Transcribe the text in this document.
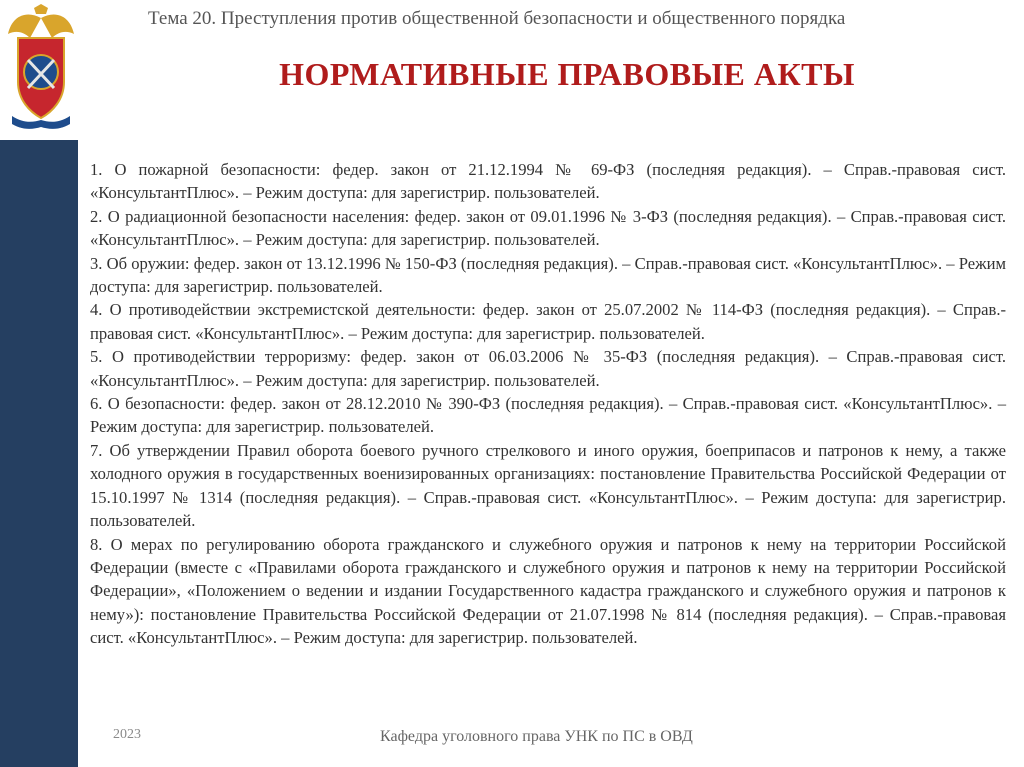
Тема 20. Преступления против общественной безопасности и общественного порядка
НОРМАТИВНЫЕ ПРАВОВЫЕ АКТЫ

1. О пожарной безопасности: федер. закон от 21.12.1994 № 69-ФЗ (последняя редакция). – Справ.-правовая сист. «КонсультантПлюс». – Режим доступа: для зарегистрир. пользователей.

2. О радиационной безопасности населения: федер. закон от 09.01.1996 № 3-ФЗ (последняя редакция). – Справ.-правовая сист. «КонсультантПлюс». – Режим доступа: для зарегистрир. пользователей.

3. Об оружии: федер. закон от 13.12.1996 № 150-ФЗ (последняя редакция). – Справ.-правовая сист. «КонсультантПлюс». – Режим доступа: для зарегистрир. пользователей.

4. О противодействии экстремистской деятельности: федер. закон от 25.07.2002 № 114-ФЗ (последняя редакция). – Справ.-правовая сист. «КонсультантПлюс». – Режим доступа: для зарегистрир. пользователей.

5. О противодействии терроризму: федер. закон от 06.03.2006 № 35-ФЗ (последняя редакция). – Справ.-правовая сист. «КонсультантПлюс». – Режим доступа: для зарегистрир. пользователей.

6. О безопасности: федер. закон от 28.12.2010 № 390-ФЗ (последняя редакция). – Справ.-правовая сист. «КонсультантПлюс». – Режим доступа: для зарегистрир. пользователей.

7. Об утверждении Правил оборота боевого ручного стрелкового и иного оружия, боеприпасов и патронов к нему, а также холодного оружия в государственных военизированных организациях: постановление Правительства Российской Федерации от 15.10.1997 № 1314 (последняя редакция). – Справ.-правовая сист. «КонсультантПлюс». – Режим доступа: для зарегистрир. пользователей.

8. О мерах по регулированию оборота гражданского и служебного оружия и патронов к нему на территории Российской Федерации (вместе с «Правилами оборота гражданского и служебного оружия и патронов к нему на территории Российской Федерации», «Положением о ведении и издании Государственного кадастра гражданского и служебного оружия и патронов к нему»): постановление Правительства Российской Федерации от 21.07.1998 № 814 (последняя редакция). – Справ.-правовая сист. «КонсультантПлюс». – Режим доступа: для зарегистрир. пользователей.

2023	Кафедра уголовного права УНК по ПС в ОВД
